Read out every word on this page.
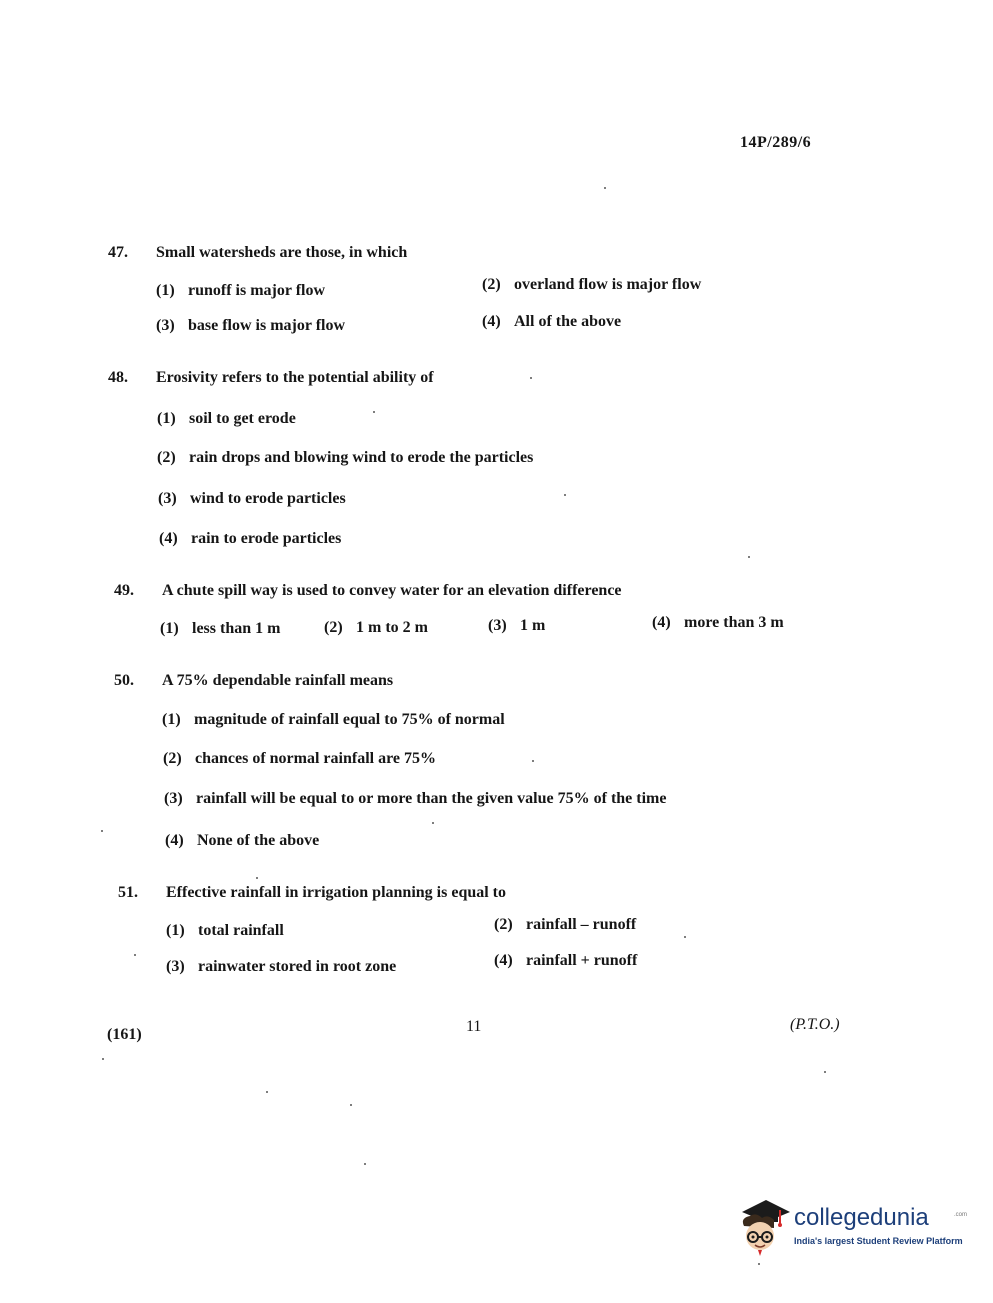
14P/289/6
47. Small watersheds are those, in which
(1) runoff is major flow	(2) overland flow is major flow
(3) base flow is major flow	(4) All of the above
48. Erosivity refers to the potential ability of
(1) soil to get erode
(2) rain drops and blowing wind to erode the particles
(3) wind to erode particles
(4) rain to erode particles
49. A chute spill way is used to convey water for an elevation difference
(1) less than 1 m	(2) 1 m to 2 m	(3) 1 m	(4) more than 3 m
50. A 75% dependable rainfall means
(1) magnitude of rainfall equal to 75% of normal
(2) chances of normal rainfall are 75%
(3) rainfall will be equal to or more than the given value 75% of the time
(4) None of the above
51. Effective rainfall in irrigation planning is equal to
(1) total rainfall	(2) rainfall – runoff
(3) rainwater stored in root zone	(4) rainfall + runoff
(161)	11	(P.T.O.)
collegedunia	.com
India's largest Student Review Platform
